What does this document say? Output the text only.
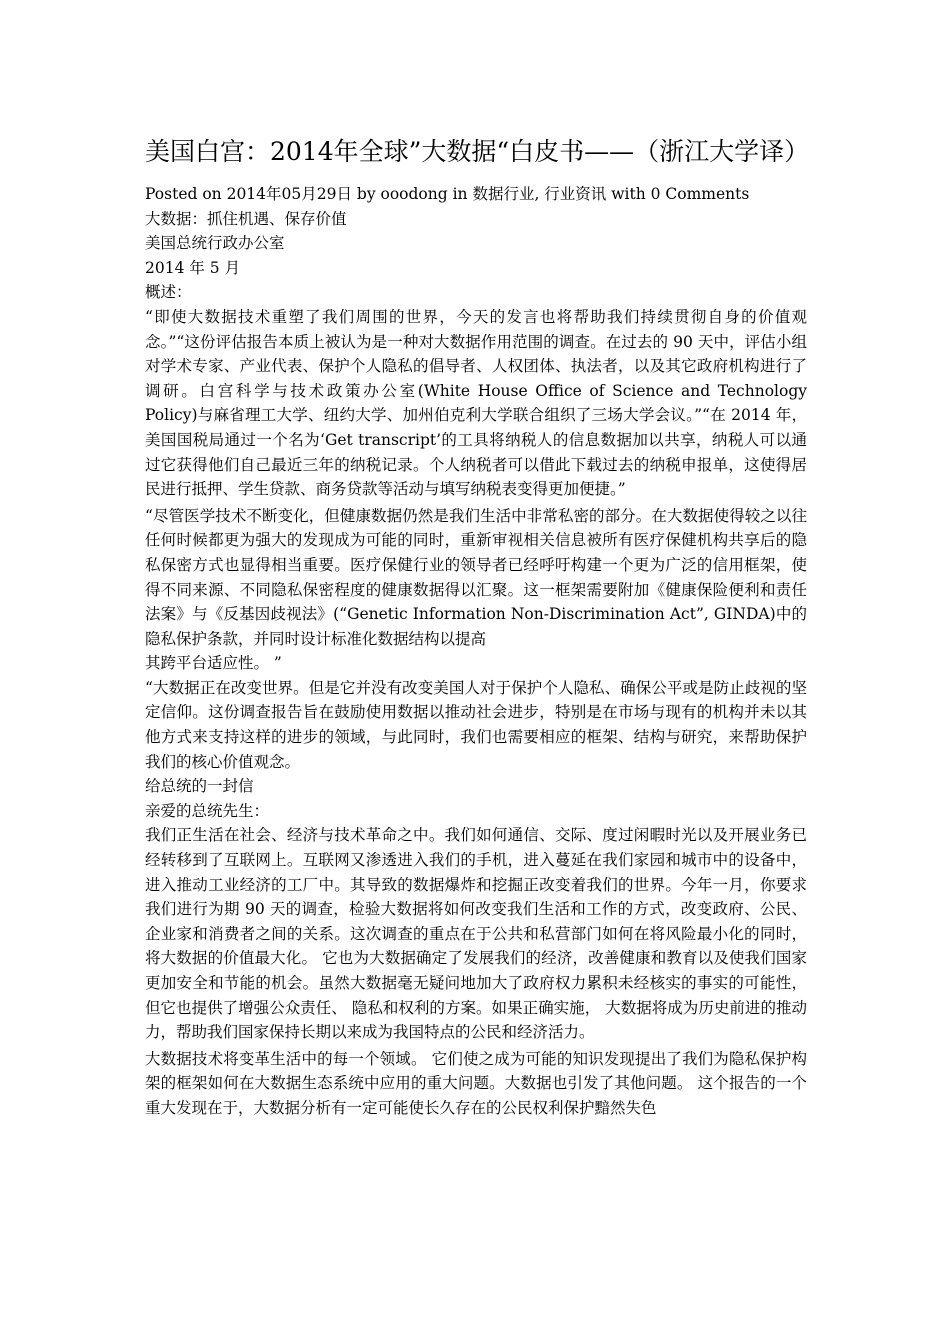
美国白宫：2014年全球”大数据“白皮书——（浙江大学译）

Posted on 2014年05月29日 by ooodong in 数据行业, 行业资讯 with 0 Comments

大数据：抓住机遇、保存价值

美国总统行政办公室

2014 年 5 月

概述：

“即使大数据技术重塑了我们周围的世界，今天的发言也将帮助我们持续贯彻自身的价值观念。”“这份评估报告本质上被认为是一种对大数据作用范围的调查。在过去的 90 天中，评估小组对学术专家、产业代表、保护个人隐私的倡导者、人权团体、执法者，以及其它政府机构进行了调研。白宫科学与技术政策办公室(White House Office of Science and Technology Policy)与麻省理工大学、纽约大学、加州伯克利大学联合组织了三场大学会议。”“在 2014 年，美国国税局通过一个名为‘Get transcript’的工具将纳税人的信息数据加以共享，纳税人可以通过它获得他们自己最近三年的纳税记录。个人纳税者可以借此下载过去的纳税申报单，这使得居民进行抵押、学生贷款、商务贷款等活动与填写纳税表变得更加便捷。”

“尽管医学技术不断变化，但健康数据仍然是我们生活中非常私密的部分。在大数据使得较之以往任何时候都更为强大的发现成为可能的同时，重新审视相关信息被所有医疗保健机构共享后的隐私保密方式也显得相当重要。医疗保健行业的领导者已经呼吁构建一个更为广泛的信用框架，使得不同来源、不同隐私保密程度的健康数据得以汇聚。这一框架需要附加《健康保险便利和责任法案》与《反基因歧视法》(“Genetic Information Non-Discrimination Act”, GINDA)中的隐私保护条款，并同时设计标准化数据结构以提高

其跨平台适应性。 ”

“大数据正在改变世界。但是它并没有改变美国人对于保护个人隐私、确保公平或是防止歧视的坚定信仰。这份调查报告旨在鼓励使用数据以推动社会进步，特别是在市场与现有的机构并未以其他方式来支持这样的进步的领域，与此同时，我们也需要相应的框架、结构与研究，来帮助保护我们的核心价值观念。

给总统的一封信

亲爱的总统先生：

我们正生活在社会、经济与技术革命之中。我们如何通信、交际、度过闲暇时光以及开展业务已经转移到了互联网上。互联网又渗透进入我们的手机，进入蔓延在我们家园和城市中的设备中，进入推动工业经济的工厂中。其导致的数据爆炸和挖掘正改变着我们的世界。今年一月，你要求我们进行为期 90 天的调查，检验大数据将如何改变我们生活和工作的方式，改变政府、公民、企业家和消费者之间的关系。这次调查的重点在于公共和私营部门如何在将风险最小化的同时，将大数据的价值最大化。 它也为大数据确定了发展我们的经济，改善健康和教育以及使我们国家更加安全和节能的机会。虽然大数据毫无疑问地加大了政府权力累积未经核实的事实的可能性， 但它也提供了增强公众责任、 隐私和权利的方案。如果正确实施， 大数据将成为历史前进的推动力，帮助我们国家保持长期以来成为我国特点的公民和经济活力。

大数据技术将变革生活中的每一个领域。 它们使之成为可能的知识发现提出了我们为隐私保护构架的框架如何在大数据生态系统中应用的重大问题。大数据也引发了其他问题。 这个报告的一个重大发现在于，大数据分析有一定可能使长久存在的公民权利保护黯然失色
